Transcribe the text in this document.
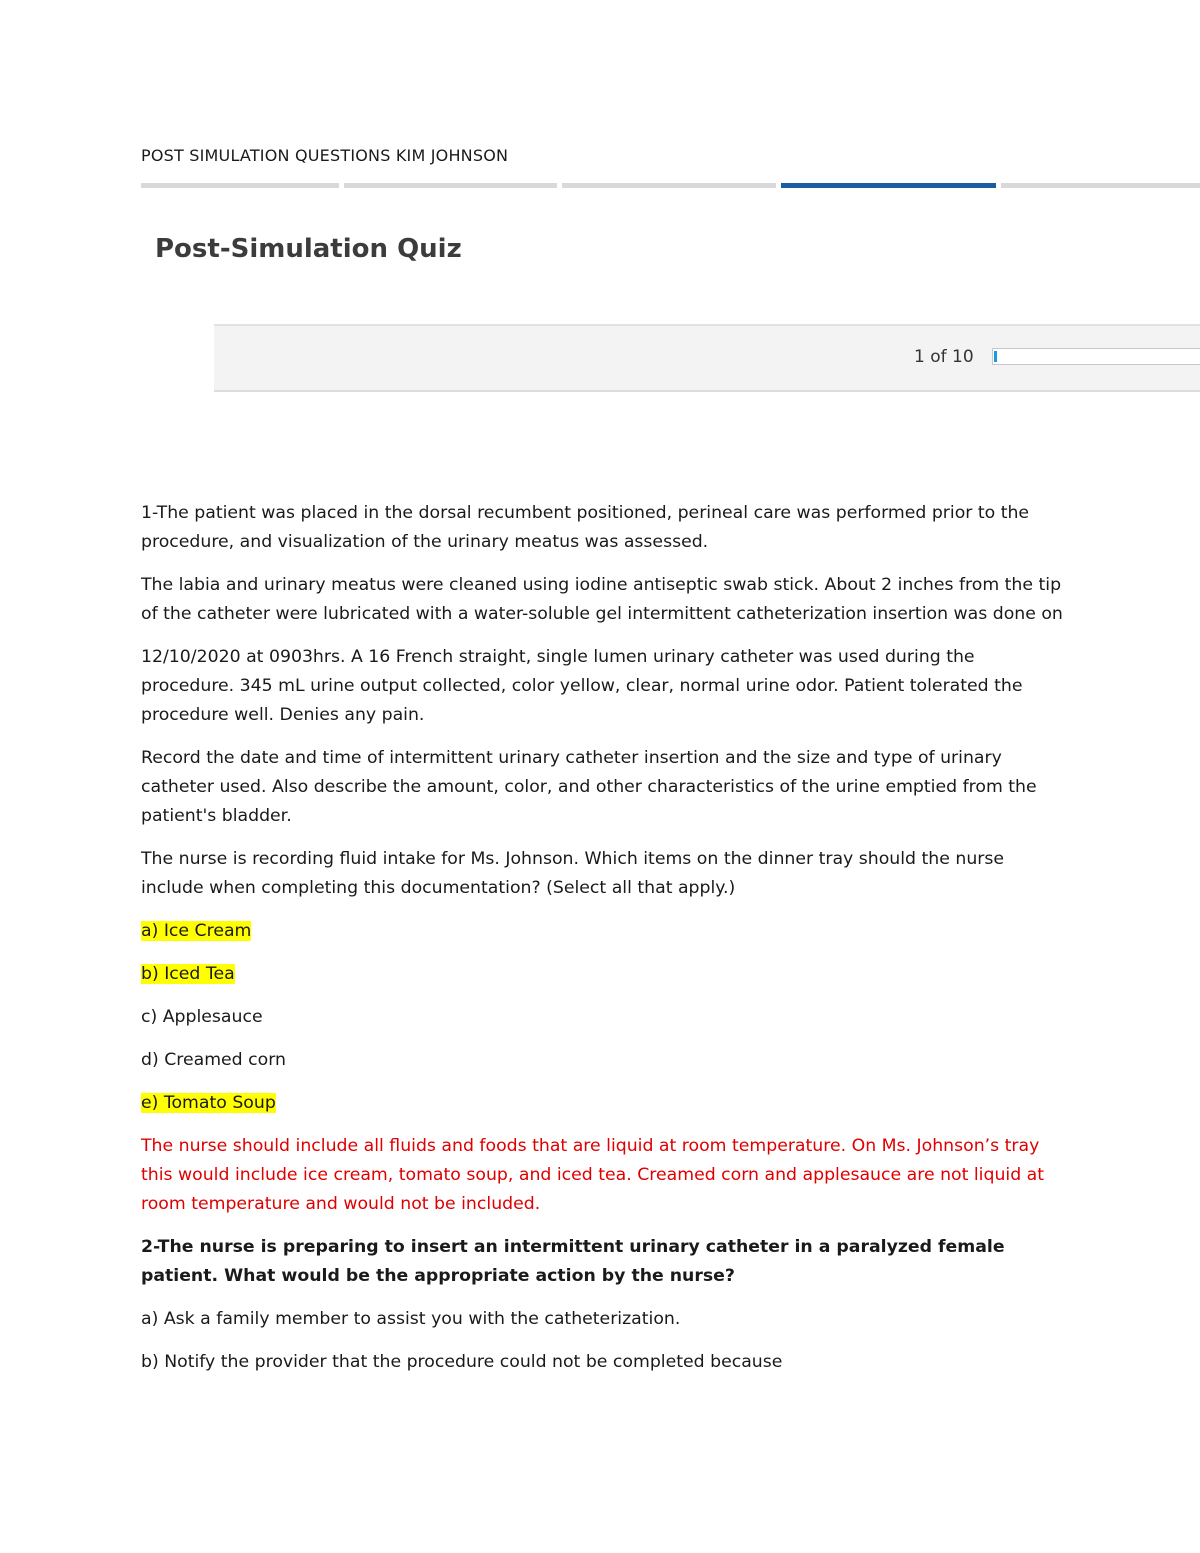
POST SIMULATION QUESTIONS KIM JOHNSON
Post-Simulation Quiz
1 of 10

1-The patient was placed in the dorsal recumbent positioned, perineal care was performed prior to the procedure, and visualization of the urinary meatus was assessed.

The labia and urinary meatus were cleaned using iodine antiseptic swab stick. About 2 inches from the tip of the catheter were lubricated with a water-soluble gel intermittent catheterization insertion was done on

12/10/2020 at 0903hrs. A 16 French straight, single lumen urinary catheter was used during the procedure. 345 mL urine output collected, color yellow, clear, normal urine odor. Patient tolerated the procedure well. Denies any pain.

Record the date and time of intermittent urinary catheter insertion and the size and type of urinary catheter used. Also describe the amount, color, and other characteristics of the urine emptied from the patient's bladder.

The nurse is recording fluid intake for Ms. Johnson. Which items on the dinner tray should the nurse include when completing this documentation? (Select all that apply.)

a) Ice Cream

b) Iced Tea

c) Applesauce

d) Creamed corn

e) Tomato Soup

The nurse should include all fluids and foods that are liquid at room temperature. On Ms. Johnson’s tray this would include ice cream, tomato soup, and iced tea. Creamed corn and applesauce are not liquid at room temperature and would not be included.

2-The nurse is preparing to insert an intermittent urinary catheter in a paralyzed female patient. What would be the appropriate action by the nurse?

a) Ask a family member to assist you with the catheterization.

b) Notify the provider that the procedure could not be completed because
